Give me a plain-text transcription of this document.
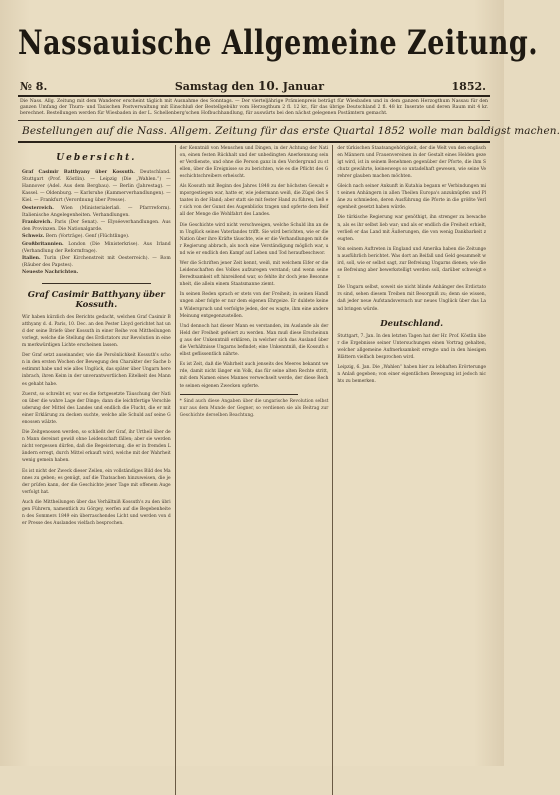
Nassauische Allgemeine Zeitung.
№ 8.	Samstag den 10. Januar	1852.
Die Nass. Allg. Zeitung mit dem Wanderer erscheint täglich mit Ausnahme des Sonntags. — Der vierteljährige Prämienpreis beträgt für Wiesbaden und in dem ganzen Herzogthum Nassau für den ganzen Umfang der Thurn- und Taxischen Postverwaltung mit Einschluß der Bestellgebühr vom Herzogthum 2 fl. 12 kr., für das übrige Deutschland 2 fl. 48 kr. Inserate und deren Raum mit 4 kr. berechnet. Bestellungen werden für Wiesbaden in der L. Schellenberg'schen Hofbuchhandlung, für auswärts bei den nächst gelegenen Postämtern gemacht.
Bestellungen auf die Nass. Allgem. Zeitung für das erste Quartal 1852 wolle man baldigst machen.
Uebersicht.

Graf Casimir Batthyany über Kossuth. Deutschland. Stuttgart (Prof. Köstlin). — Leipzig (Die „Wahlen.“) — Hannover (Adel. Aus dem Bergbau). — Berlin (Jahrestag). — Kassel. — Oldenburg. — Karlsruhe (Kammerverhandlungen). — Kiel. — Frankfurt (Verordnung über Presse).

Oesterreich. Wien (Ministerialerlaß. — Pfarrreform). Italienische Angelegenheiten. Verhandlungen.

Frankreich. Paris (Der Senat). — Elyséeverhandlungen. Aus den Provinzen. Die Nationalgarde.

Schweiz. Bern (Vorträge). Genf (Flüchtlinge).

Großbritannien. London (Die Ministerkrise). Aus Irland (Verhandlung der Reformfrage).

Italien. Turin (Der Kirchenstreit mit Oesterreich). — Rom (Räuber des Papstes).

Neueste Nachrichten.

Graf Casimir Batthyany über Kossuth.

Wir haben kürzlich des Berichts gedacht, welchen Graf Casimir Batthyany d. d. Paris, 10. Dec. an den Pester Lloyd gerichtet hat und der seine Briefe über Kossuth in einer Reihe von Mittheilungen vorlegt, welche die Stellung des Erdictators zur Revolution in einem merkwürdigen Lichte erscheinen lassen.

Der Graf setzt auseinander, wie die Persönlichkeit Kossuth's schon in den ersten Wochen der Bewegung den Charakter der Sache bestimmt habe und wie alles Unglück, das später über Ungarn hereinbrach, ihren Keim in der unverantwortlichen Eitelkeit des Mannes gehabt habe.

Zuerst, so schreibt er, war es die fortgesetzte Täuschung der Nation über die wahre Lage der Dinge; dann die leichtfertige Verschleuderung der Mittel des Landes und endlich die Flucht, die er mit einer Erklärung zu decken suchte, welche alle Schuld auf seine Genossen wälzte.

Die Zeitgenossen werden, so schließt der Graf, ihr Urtheil über den Mann dereinst gewiß ohne Leidenschaft fällen; aber sie werden nicht vergessen dürfen, daß die Begeisterung, die er in fremden Ländern erregt, durch Mittel erkauft wird, welche mit der Wahrheit wenig gemein haben.

Es ist nicht der Zweck dieser Zeilen, ein vollständiges Bild des Mannes zu geben; es genügt, auf die Thatsachen hinzuweisen, die jeder prüfen kann, der die Geschichte jener Tage mit offenem Auge verfolgt hat.

Auch die Mittheilungen über das Verhältniß Kossuth's zu den übrigen Führern, namentlich zu Görgey, werfen auf die Begebenheiten des Sommers 1849 ein überraschendes Licht und werden von der Presse des Auslandes vielfach besprochen.

der Kenntniß von Menschen und Dingen, in der Achtung der Nation, einen festen Rückhalt und der unbedingten Anerkennung seiner Verdienste, und ohne die Person ganz in den Vordergrund zu stellen, über die Ereignisse so zu berichten, wie es die Pflicht des Geschichtschreibers erheischt.

Als Kossuth mit Beginn des Jahres 1848 zu der höchsten Gewalt emporgestiegen war, hatte er, wie jedermann weiß, die Zügel des Staates in der Hand; aber statt sie mit fester Hand zu führen, ließ er sich von der Gunst des Augenblicks tragen und opferte dem Beifall der Menge die Wohlfahrt des Landes.

Die Geschichte wird nicht verschweigen, welche Schuld ihn an dem Unglück seines Vaterlandes trifft. Sie wird berichten, wie er die Nation über ihre Kräfte täuschte, wie er die Verhandlungen mit der Regierung abbrach, als noch eine Verständigung möglich war, und wie er endlich den Kampf auf Leben und Tod heraufbeschwor.

Wer die Schriften jener Zeit kennt, weiß, mit welchem Eifer er die Leidenschaften des Volkes aufzuregen verstand; und wenn seine Beredtsamkeit oft hinreißend war, so fehlte ihr doch jene Besonnenheit, die allein einem Staatsmanne ziemt.

In seinen Reden sprach er stets von der Freiheit; in seinen Handlungen aber folgte er nur dem eigenen Ehrgeize. Er duldete keinen Widerspruch und verfolgte jeden, der es wagte, ihm eine andere Meinung entgegenzustellen.

Und dennoch hat dieser Mann es verstanden, im Auslande als der Held der Freiheit gefeiert zu werden. Man muß diese Erscheinung aus der Unkenntniß erklären, in welcher sich das Ausland über die Verhältnisse Ungarns befindet; eine Unkenntniß, die Kossuth selbst geflissentlich nährte.

Es ist Zeit, daß die Wahrheit auch jenseits des Meeres bekannt werde, damit nicht länger ein Volk, das für seine alten Rechte stritt, mit dem Namen eines Mannes verwechselt werde, der diese Rechte seinen eigenen Zwecken opferte.

* Sind auch diese Angaben über die ungarische Revolution selbst nur aus dem Munde der Gegner, so verdienen sie als Beitrag zur Geschichte derselben Beachtung.

der türkischen Staatsangehörigkeit, der die Welt von den englischen Männern und Frauenvereinen in der Gestalt eines Helden gezeigt wird, ist in seinem Benehmen gegenüber der Pforte, die ihm Schutz gewährte, keineswegs so untadelhaft gewesen, wie seine Verehrer glauben machen möchten.

Gleich nach seiner Ankunft in Kutahia begann er Verbindungen mit seinen Anhängern in allen Theilen Europa's anzuknüpfen und Pläne zu schmieden, deren Ausführung die Pforte in die größte Verlegenheit gesetzt haben würde.

Die türkische Regierung war genöthigt, ihn strenger zu bewachen, als es ihr selbst lieb war; und als er endlich die Freiheit erhielt, verließ er das Land mit Äußerungen, die von wenig Dankbarkeit zeugten.

Von seinem Auftreten in England und Amerika haben die Zeitungen ausführlich berichtet. Was dort an Beifall und Geld gesammelt wird, soll, wie er selbst sagt, zur Befreiung Ungarns dienen; wie diese Befreiung aber bewerkstelligt werden soll, darüber schweigt er.

Die Ungarn selbst, soweit sie nicht blinde Anhänger des Erdictators sind, sehen diesem Treiben mit Besorgniß zu; denn sie wissen, daß jeder neue Aufstandsversuch nur neues Unglück über das Land bringen würde.

Deutschland.

Stuttgart, 7. Jan. In den letzten Tagen hat der Hr. Prof. Köstlin über die Ergebnisse seiner Untersuchungen einen Vortrag gehalten, welcher allgemeine Aufmerksamkeit erregte und in den hiesigen Blättern vielfach besprochen wird.

Leipzig, 6. Jan. Die „Wahlen“ haben hier zu lebhaften Erörterungen Anlaß gegeben; von einer eigentlichen Bewegung ist jedoch nichts zu bemerken.
